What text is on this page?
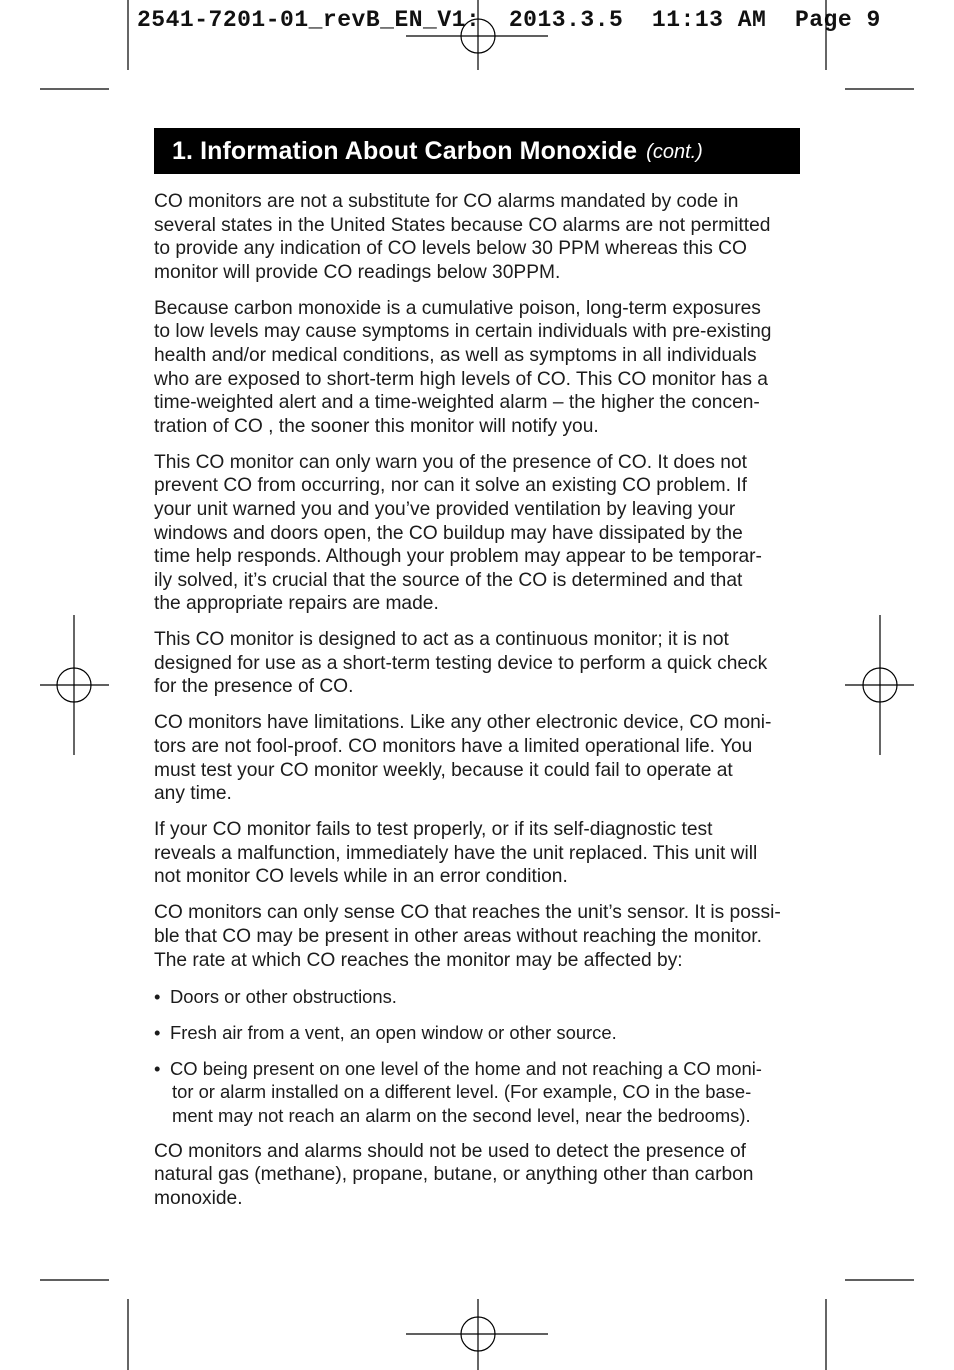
2541-7201-01_revB_EN_V1: 2013.3.5 11:13 AM Page 9
1. Information About Carbon Monoxide (cont.)

CO monitors are not a substitute for CO alarms mandated by code in
several states in the United States because CO alarms are not permitted
to provide any indication of CO levels below 30 PPM whereas this CO
monitor will provide CO readings below 30PPM.

Because carbon monoxide is a cumulative poison, long-term exposures
to low levels may cause symptoms in certain individuals with pre-existing
health and/or medical conditions, as well as symptoms in all individuals
who are exposed to short-term high levels of CO. This CO monitor has a
time-weighted alert and a time-weighted alarm – the higher the concen-
tration of CO , the sooner this monitor will notify you.

This CO monitor can only warn you of the presence of CO. It does not
prevent CO from occurring, nor can it solve an existing CO problem. If
your unit warned you and you’ve provided ventilation by leaving your
windows and doors open, the CO buildup may have dissipated by the
time help responds. Although your problem may appear to be temporar-
ily solved, it’s crucial that the source of the CO is determined and that
the appropriate repairs are made.

This CO monitor is designed to act as a continuous monitor; it is not
designed for use as a short-term testing device to perform a quick check
for the presence of CO.

CO monitors have limitations. Like any other electronic device, CO moni-
tors are not fool-proof. CO monitors have a limited operational life. You
must test your CO monitor weekly, because it could fail to operate at
any time.

If your CO monitor fails to test properly, or if its self-diagnostic test
reveals a malfunction, immediately have the unit replaced. This unit will
not monitor CO levels while in an error condition.

CO monitors can only sense CO that reaches the unit’s sensor. It is possi-
ble that CO may be present in other areas without reaching the monitor.
The rate at which CO reaches the monitor may be affected by:

• Doors or other obstructions.
• Fresh air from a vent, an open window or other source.
• CO being present on one level of the home and not reaching a CO moni-
tor or alarm installed on a different level. (For example, CO in the base-
ment may not reach an alarm on the second level, near the bedrooms).

CO monitors and alarms should not be used to detect the presence of
natural gas (methane), propane, butane, or anything other than carbon
monoxide.
